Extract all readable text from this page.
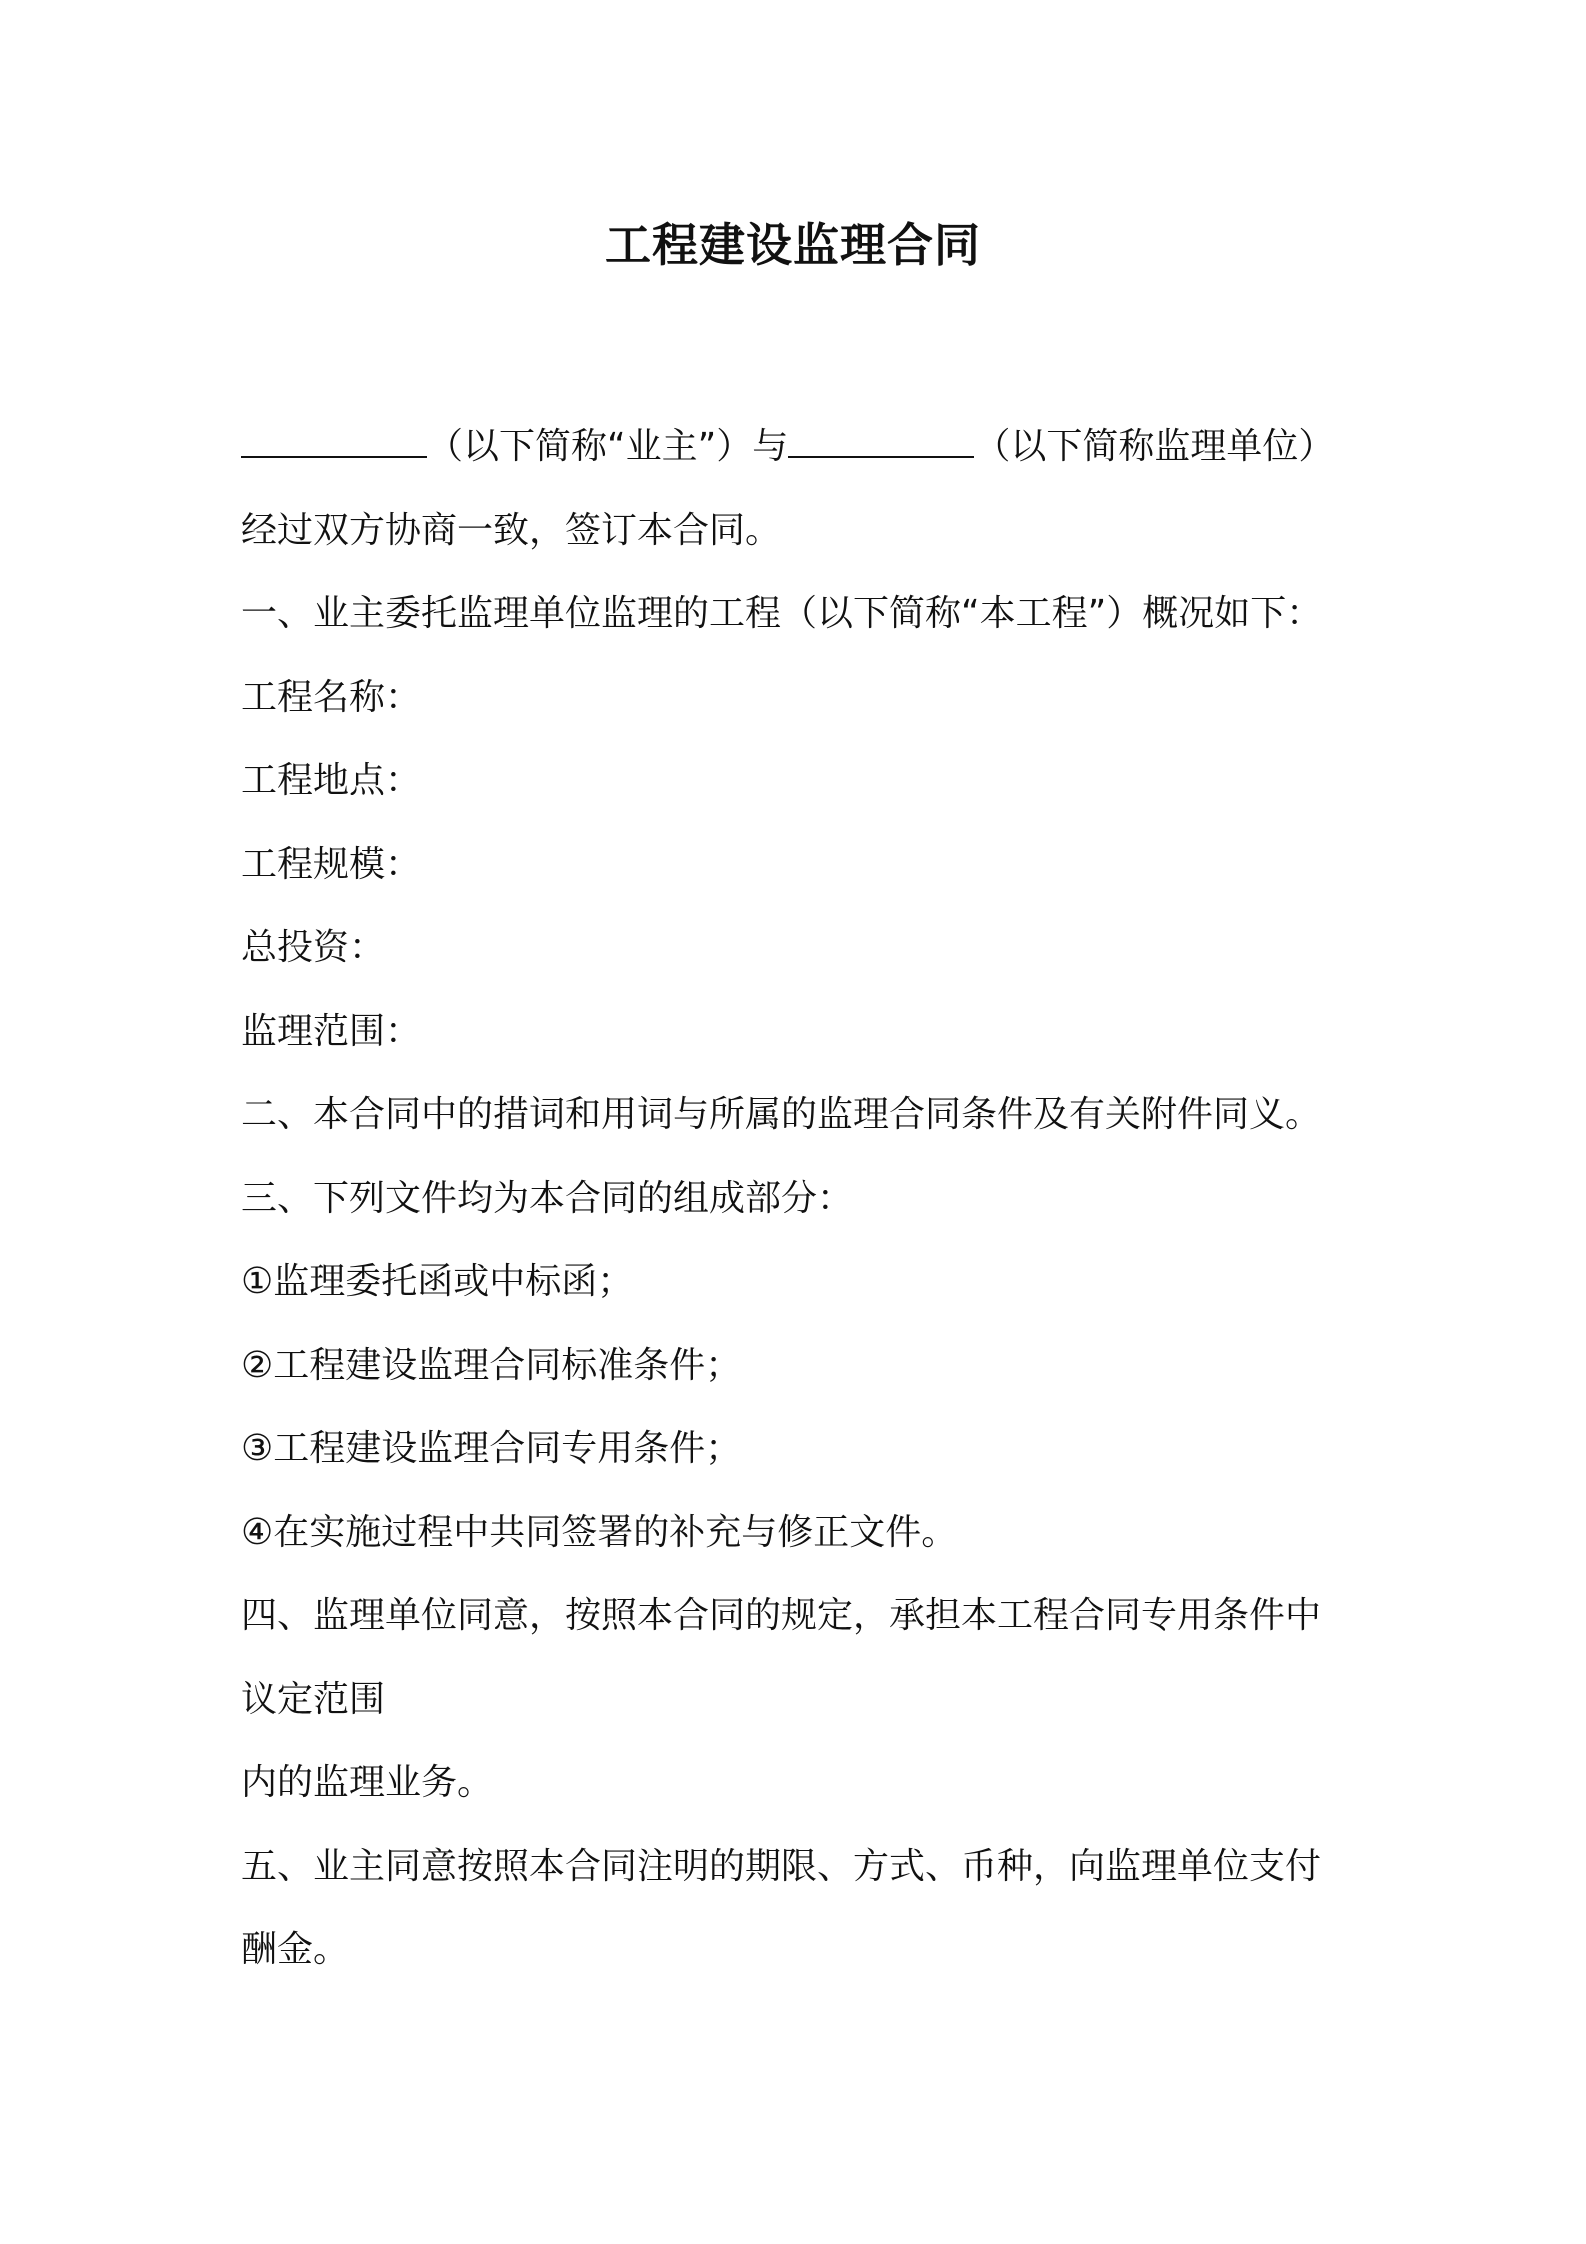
工程建设监理合同

（以下简称“业主”）与	（以下简称监理单位）

经过双方协商一致，签订本合同。

一、业主委托监理单位监理的工程（以下简称“本工程”）概况如下：

工程名称：

工程地点：

工程规模：

总投资：

监理范围：

二、本合同中的措词和用词与所属的监理合同条件及有关附件同义。

三、下列文件均为本合同的组成部分：

①监理委托函或中标函；

②工程建设监理合同标准条件；

③工程建设监理合同专用条件；

④在实施过程中共同签署的补充与修正文件。

四、监理单位同意，按照本合同的规定，承担本工程合同专用条件中

议定范围

内的监理业务。

五、业主同意按照本合同注明的期限、方式、币种，向监理单位支付

酬金。
